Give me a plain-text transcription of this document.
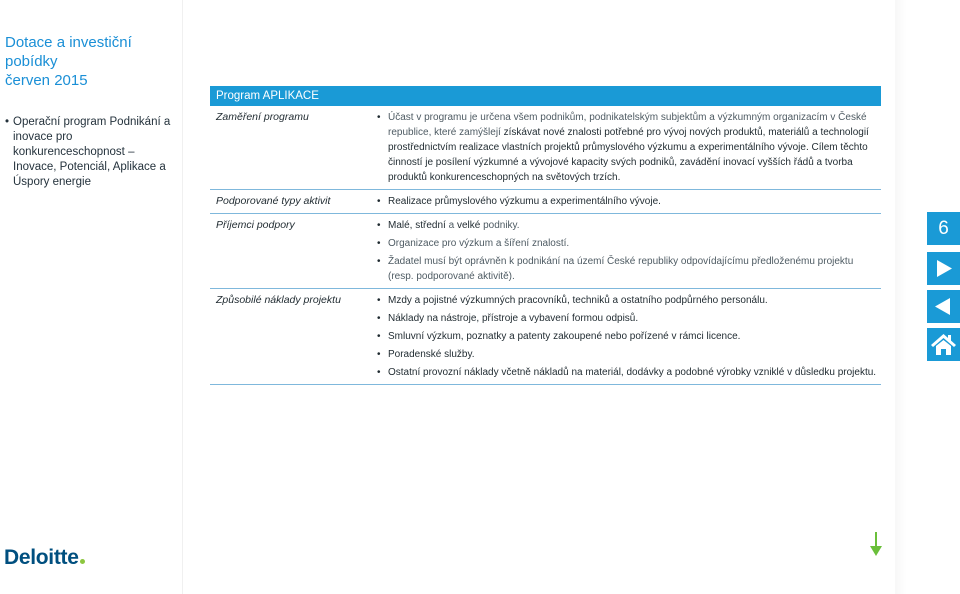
Dotace a investiční pobídky
červen 2015
• Operační program Podnikání a inovace pro konkurenceschopnost – Inovace, Potenciál, Aplikace a Úspory energie
Deloitte
Program APLIKACE
Zaměření programu	• Účast v programu je určena všem podnikům, podnikatelským subjektům a výzkumným organizacím v České republice, které zamýšlejí získávat nové znalosti potřebné pro vývoj nových produktů, materiálů a technologií prostřednictvím realizace vlastních projektů průmyslového výzkumu a experimentálního vývoje. Cílem těchto činností je posílení výzkumné a vývojové kapacity svých podniků, zavádění inovací vyšších řádů a tvorba produktů konkurenceschopných na světových trzích.
Podporované typy aktivit	• Realizace průmyslového výzkumu a experimentálního vývoje.
Příjemci podpory	• Malé, střední a velké podniky.
• Organizace pro výzkum a šíření znalostí.
• Žadatel musí být oprávněn k podnikání na území České republiky odpovídajícímu předloženému projektu (resp. podporované aktivitě).
Způsobilé náklady projektu	• Mzdy a pojistné výzkumných pracovníků, techniků a ostatního podpůrného personálu.
• Náklady na nástroje, přístroje a vybavení formou odpisů.
• Smluvní výzkum, poznatky a patenty zakoupené nebo pořízené v rámci licence.
• Poradenské služby.
• Ostatní provozní náklady včetně nákladů na materiál, dodávky a podobné výrobky vzniklé v důsledku projektu.
6
